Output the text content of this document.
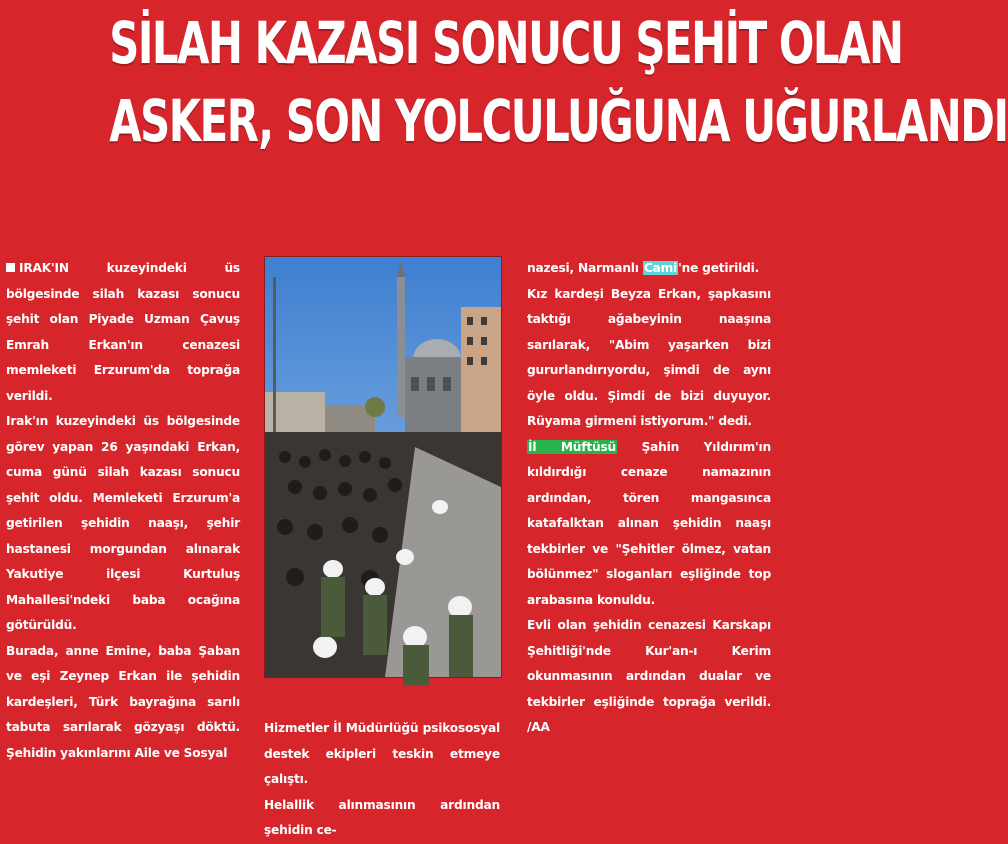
SİLAH KAZASI SONUCU ŞEHİT OLAN
ASKER, SON YOLCULUĞUNA UĞURLANDI

IRAK'IN kuzeyindeki üs bölgesinde silah kazası sonucu şehit olan Piyade Uzman Çavuş Emrah Erkan'ın cenazesi memleketi Erzurum'da toprağa verildi.

Irak'ın kuzeyindeki üs bölgesinde görev yapan 26 yaşındaki Erkan, cuma günü silah kazası sonucu şehit oldu. Memleketi Erzurum'a getirilen şehidin naaşı, şehir hastanesi morgundan alınarak Yakutiye ilçesi Kurtuluş Mahallesi'ndeki baba ocağına götürüldü.

Burada, anne Emine, baba Şaban ve eşi Zeynep Erkan ile şehidin kardeşleri, Türk bayrağına sarılı tabuta sarılarak gözyaşı döktü. Şehidin yakınlarını Aile ve Sosyal

Hizmetler İl Müdürlüğü psikososyal destek ekipleri teskin etmeye çalıştı.

Helallik alınmasının ardından şehidin ce-

nazesi, Narmanlı Cami'ne getirildi.

Kız kardeşi Beyza Erkan, şapkasını taktığı ağabeyinin naaşına sarılarak, "Abim yaşarken bizi gururlandırıyordu, şimdi de aynı öyle oldu. Şimdi de bizi duyuyor. Rüyama girmeni istiyorum." dedi.

İl Müftüsü Şahin Yıldırım'ın kıldırdığı cenaze namazının ardından, tören mangasınca katafalktan alınan şehidin naaşı tekbirler ve "Şehitler ölmez, vatan bölünmez" sloganları eşliğinde top arabasına konuldu.

Evli olan şehidin cenazesi Karskapı Şehitliği'nde Kur'an-ı Kerim okunmasının ardından dualar ve tekbirler eşliğinde toprağa verildi. /AA
